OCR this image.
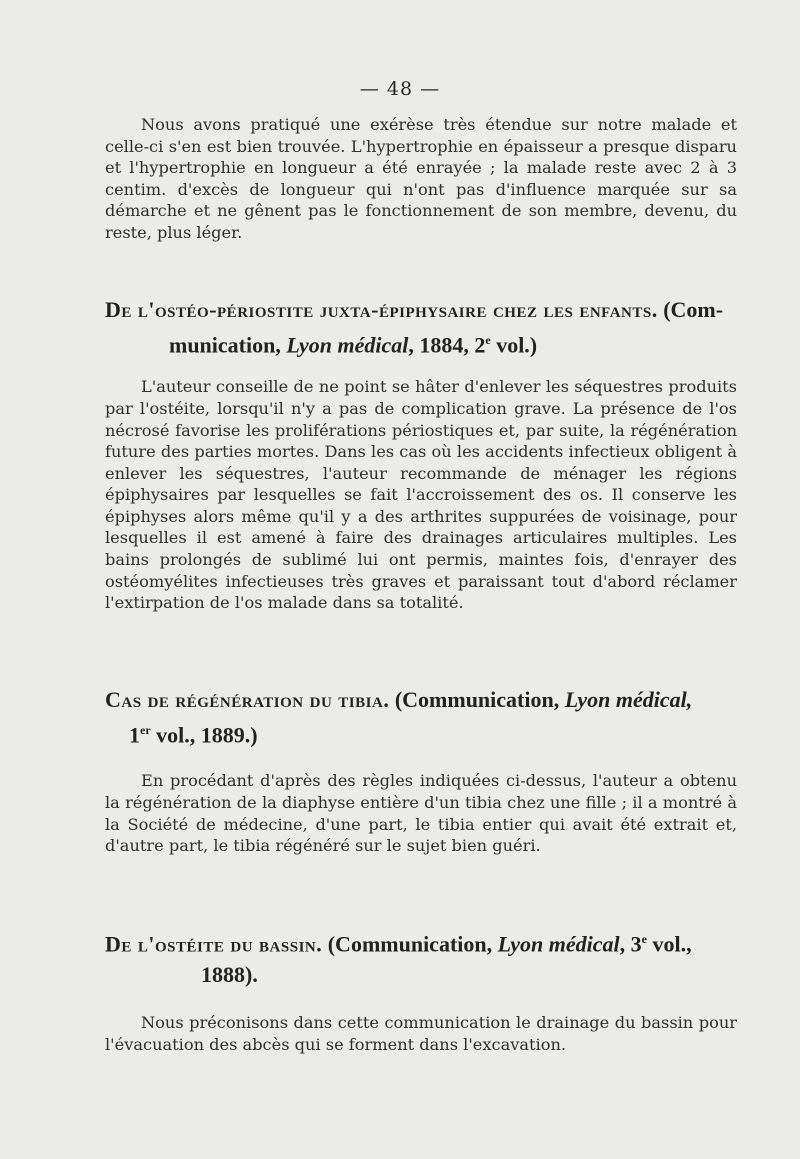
— 48 —

Nous avons pratiqué une exérèse très étendue sur notre malade et celle-ci s'en est bien trouvée. L'hypertrophie en épaisseur a presque disparu et l'hypertrophie en longueur a été enrayée ; la malade reste avec 2 à 3 centim. d'excès de longueur qui n'ont pas d'influence marquée sur sa démarche et ne gênent pas le fonctionnement de son membre, devenu, du reste, plus léger.

De l'ostéo-périostite juxta-épiphysaire chez les enfants. (Com-
munication, Lyon médical, 1884, 2e vol.)

L'auteur conseille de ne point se hâter d'enlever les séquestres produits par l'ostéite, lorsqu'il n'y a pas de complication grave. La présence de l'os nécrosé favorise les proliférations périostiques et, par suite, la régénération future des parties mortes. Dans les cas où les accidents infectieux obligent à enlever les séquestres, l'auteur recommande de ménager les régions épiphysaires par lesquelles se fait l'accroissement des os. Il conserve les épiphyses alors même qu'il y a des arthrites suppurées de voisinage, pour lesquelles il est amené à faire des drainages articulaires multiples. Les bains prolongés de sublimé lui ont permis, maintes fois, d'enrayer des ostéomyélites infectieuses très graves et paraissant tout d'abord réclamer l'extirpation de l'os malade dans sa totalité.

Cas de régénération du tibia. (Communication, Lyon médical,
1er vol., 1889.)

En procédant d'après des règles indiquées ci-dessus, l'auteur a obtenu la régénération de la diaphyse entière d'un tibia chez une fille ; il a montré à la Société de médecine, d'une part, le tibia entier qui avait été extrait et, d'autre part, le tibia régénéré sur le sujet bien guéri.

De l'ostéite du bassin. (Communication, Lyon médical, 3e vol.,
1888).

Nous préconisons dans cette communication le drainage du bassin pour l'évacuation des abcès qui se forment dans l'excavation.
